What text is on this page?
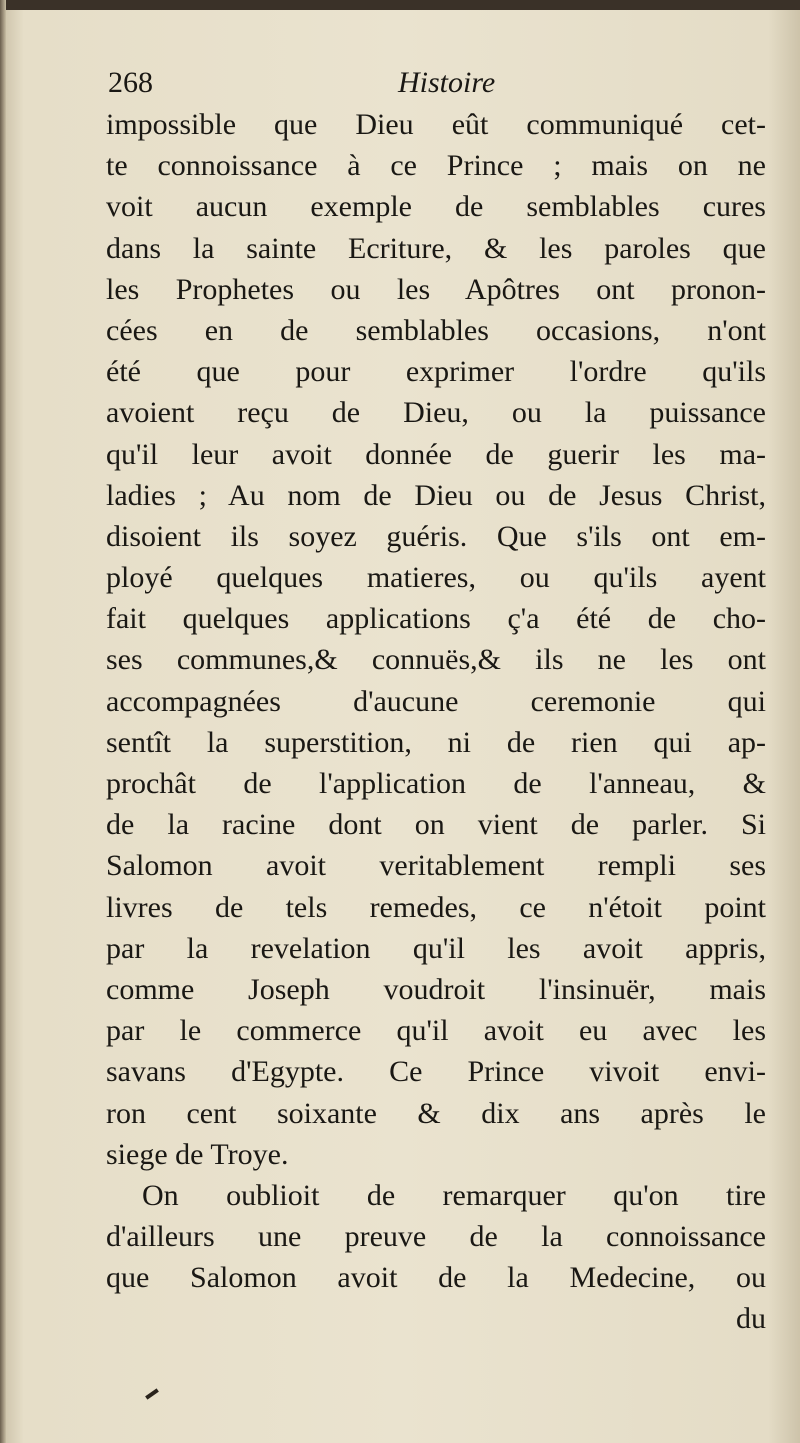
268	Histoire
impossible que Dieu eût communiqué cet-
te connoissance à ce Prince ; mais on ne
voit aucun exemple de semblables cures
dans la sainte Ecriture, & les paroles que
les Prophetes ou les Apôtres ont pronon-
cées en de semblables occasions, n'ont
été que pour exprimer l'ordre qu'ils
avoient reçu de Dieu, ou la puissance
qu'il leur avoit donnée de guerir les ma-
ladies ; Au nom de Dieu ou de Jesus Christ,
disoient ils soyez guéris. Que s'ils ont em-
ployé quelques matieres, ou qu'ils ayent
fait quelques applications ç'a été de cho-
ses communes,& connuës,& ils ne les ont
accompagnées d'aucune ceremonie qui
sentît la superstition, ni de rien qui ap-
prochât de l'application de l'anneau, &
de la racine dont on vient de parler. Si
Salomon avoit veritablement rempli ses
livres de tels remedes, ce n'étoit point
par la revelation qu'il les avoit appris,
comme Joseph voudroit l'insinuër, mais
par le commerce qu'il avoit eu avec les
savans d'Egypte. Ce Prince vivoit envi-
ron cent soixante & dix ans après le
siege de Troye.
On oublioit de remarquer qu'on tire
d'ailleurs une preuve de la connoissance
que Salomon avoit de la Medecine, ou
du
